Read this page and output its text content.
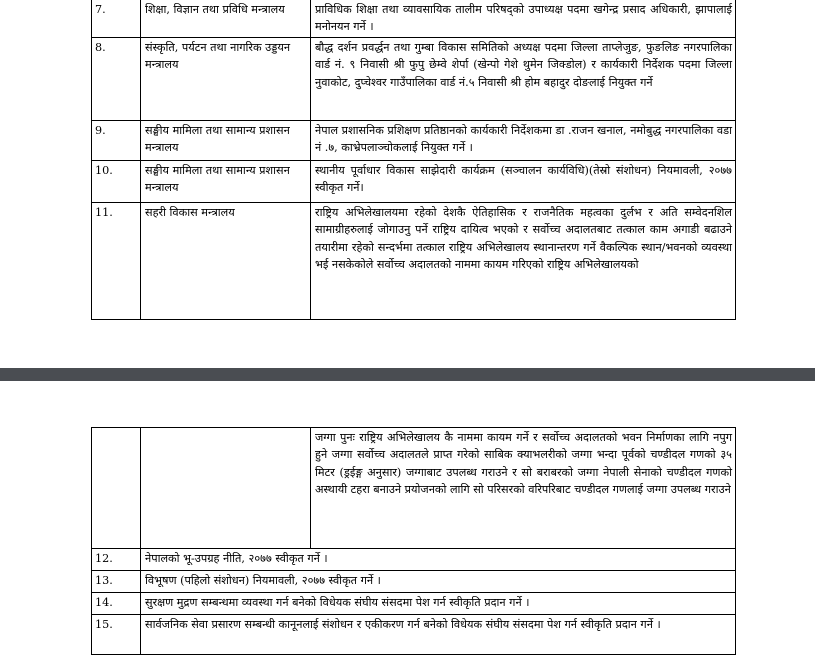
7.	शिक्षा, विज्ञान तथा प्रविधि मन्त्रालय	प्राविधिक शिक्षा तथा व्यावसायिक तालीम परिषद्को उपाध्यक्ष पदमा खगेन्द्र प्रसाद अधिकारी, झापालाई मनोनयन गर्ने ।
8.	संस्कृति, पर्यटन तथा नागरिक उड्डयन मन्त्रालय	बौद्ध दर्शन प्रवर्द्धन तथा गुम्बा विकास समितिको अध्यक्ष पदमा जिल्ला ताप्लेजुङ, फुङलिङ नगरपालिका वार्ड नं. ९ निवासी श्री फुपु छेम्वे शेर्पा (खेन्पो गेशे थुमेन जिक्डोल) र कार्यकारी निर्देशक पदमा जिल्ला नुवाकोट, दुप्चेश्वर गाउँपालिका वार्ड नं.५ निवासी श्री होम बहादुर दोङलाई नियुक्त गर्ने
9.	सङ्घीय मामिला तथा सामान्य प्रशासन मन्त्रालय	नेपाल प्रशासनिक प्रशिक्षण प्रतिष्ठानको कार्यकारी निर्देशकमा डा .राजन खनाल, नमोबुद्ध नगरपालिका वडा नं .७, काभ्रेपलाञ्चोकलाई नियुक्त गर्ने ।
10.	सङ्घीय मामिला तथा सामान्य प्रशासन मन्त्रालय	स्थानीय पूर्वाधार विकास साझेदारी कार्यक्रम (सञ्चालन कार्यविधि)(तेस्रो संशोधन) नियमावली, २०७७ स्वीकृत गर्ने।
11.	सहरी विकास मन्त्रालय	राष्ट्रिय अभिलेखालयमा रहेको देशकै ऐतिहासिक र राजनैतिक महत्वका दुर्लभ र अति सम्वेदनशिल सामाग्रीहरुलाई जोगाउनु पर्ने राष्ट्रिय दायित्व भएको र सर्वोच्च अदालतबाट तत्काल काम अगाडी बढाउने तयारीमा रहेको सन्दर्भमा तत्काल राष्ट्रिय अभिलेखालय स्थानान्तरण गर्ने वैकल्पिक स्थान/भवनको व्यवस्था भई नसकेकोले सर्वोच्च अदालतको नाममा कायम गरिएको राष्ट्रिय अभिलेखालयको
		जग्गा पुनः राष्ट्रिय अभिलेखालय कै नाममा कायम गर्ने र सर्वोच्च अदालतको भवन निर्माणका लागि नपुग हुने जग्गा सर्वोच्च अदालतले प्राप्त गरेको साबिक क्याभलरीको जग्गा भन्दा पूर्वको चण्डीदल गणको ३५ मिटर (ड्रईङ्ग अनुसार) जग्गाबाट उपलब्ध गराउने र सो बराबरको जग्गा नेपाली सेनाको चण्डीदल गणको अस्थायी टहरा बनाउने प्रयोजनको लागि सो परिसरको वरिपरिबाट चण्डीदल गणलाई जग्गा उपलब्ध गराउने
12.	नेपालको भू-उपग्रह नीति, २०७७ स्वीकृत गर्ने ।	
13.	विभूषण (पहिलो संशोधन) नियमावली, २०७७ स्वीकृत गर्ने ।	
14.	सुरक्षण मुद्रण सम्बन्धमा व्यवस्था गर्न बनेको विधेयक संघीय संसदमा पेश गर्न स्वीकृति प्रदान गर्ने ।	
15.	सार्वजनिक सेवा प्रसारण सम्बन्धी कानूनलाई संशोधन र एकीकरण गर्न बनेको विधेयक संघीय संसदमा पेश गर्न स्वीकृति प्रदान गर्ने ।	
